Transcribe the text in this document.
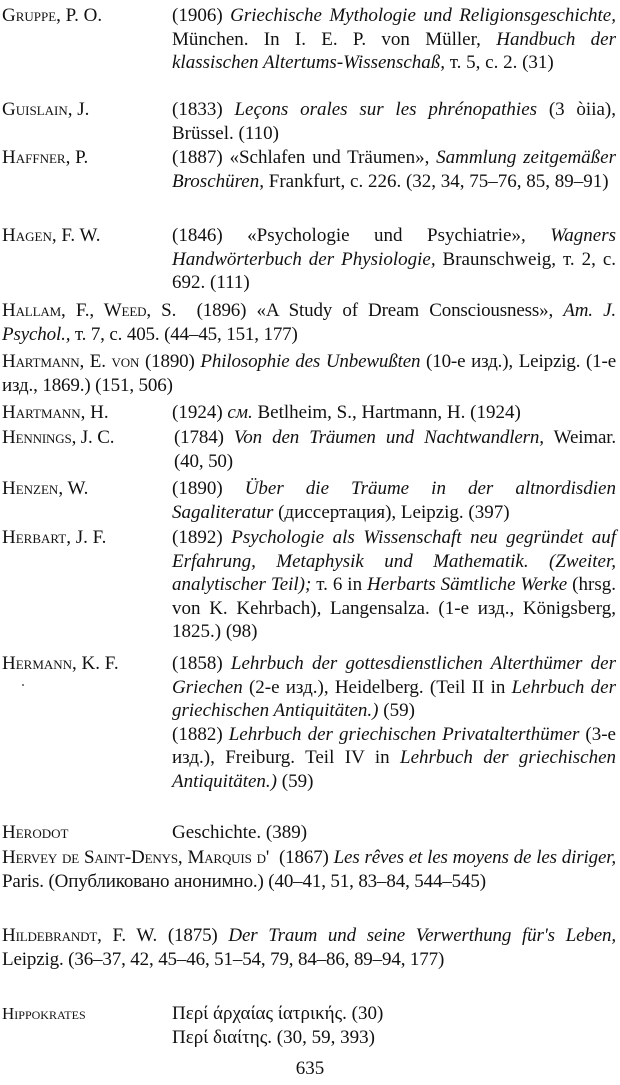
Gruppe, P. O.	(1906) Griechische Mythologie und Religionsgeschichte, München. In I. E. P. von Müller, Handbuch der klassischen Altertums-Wissenschaß, т. 5, с. 2. (31)
Guislain, J.	(1833) Leçons orales sur les phrénopathies (3 òiia), Brüssel. (110)
Haffner, P.	(1887) «Schlafen und Träumen», Sammlung zeitgemäßer Broschüren, Frankfurt, с. 226. (32, 34, 75–76, 85, 89–91)
Hagen, F. W.	(1846) «Psychologie und Psychiatrie», Wagners Handwörterbuch der Physiologie, Braunschweig, т. 2, с. 692. (111)
Hallam, F., Weed, S. (1896) «A Study of Dream Consciousness», Am. J. Psychol., т. 7, с. 405. (44–45, 151, 177)
Hartmann, E. von (1890) Philosophie des Unbewußten (10-е изд.), Leipzig. (1-е изд., 1869.) (151, 506)
Hartmann, H.	(1924) см. Betlheim, S., Hartmann, H. (1924)
Hennings, J. C.	(1784) Von den Träumen und Nachtwandlern, Weimar. (40, 50)
Henzen, W.	(1890) Über die Träume in der altnordisdien Sagaliteratur (диссертация), Leipzig. (397)
Herbart, J. F.	(1892) Psychologie als Wissenschaft neu gegründet auf Erfahrung, Metaphysik und Mathematik. (Zweiter, analytischer Teil); т. 6 in Herbarts Sämtliche Werke (hrsg. von K. Kehrbach), Langensalza. (1-е изд., Königsberg, 1825.) (98)
Hermann, K. F.	(1858) Lehrbuch der gottesdienstlichen Alterthümer der Griechen (2-е изд.), Heidelberg. (Teil II in Lehrbuch der griechischen Antiquitäten.) (59)
(1882) Lehrbuch der griechischen Privatalterthümer (3-е изд.), Freiburg. Teil IV in Lehrbuch der griechischen Antiquitäten.) (59)
Herodot	Geschichte. (389)
Hervey de Saint-Denys, Marquis d' (1867) Les rêves et les moyens de les diriger, Paris. (Опубликовано анонимно.) (40–41, 51, 83–84, 544–545)
Hildebrandt, F. W. (1875) Der Traum und seine Verwerthung für's Leben, Leipzig. (36–37, 42, 45–46, 51–54, 79, 84–86, 89–94, 177)
Hippokrates	Περί άρχαίας ίατρικής. (30)
Περί διαίτης. (30, 59, 393)
635
